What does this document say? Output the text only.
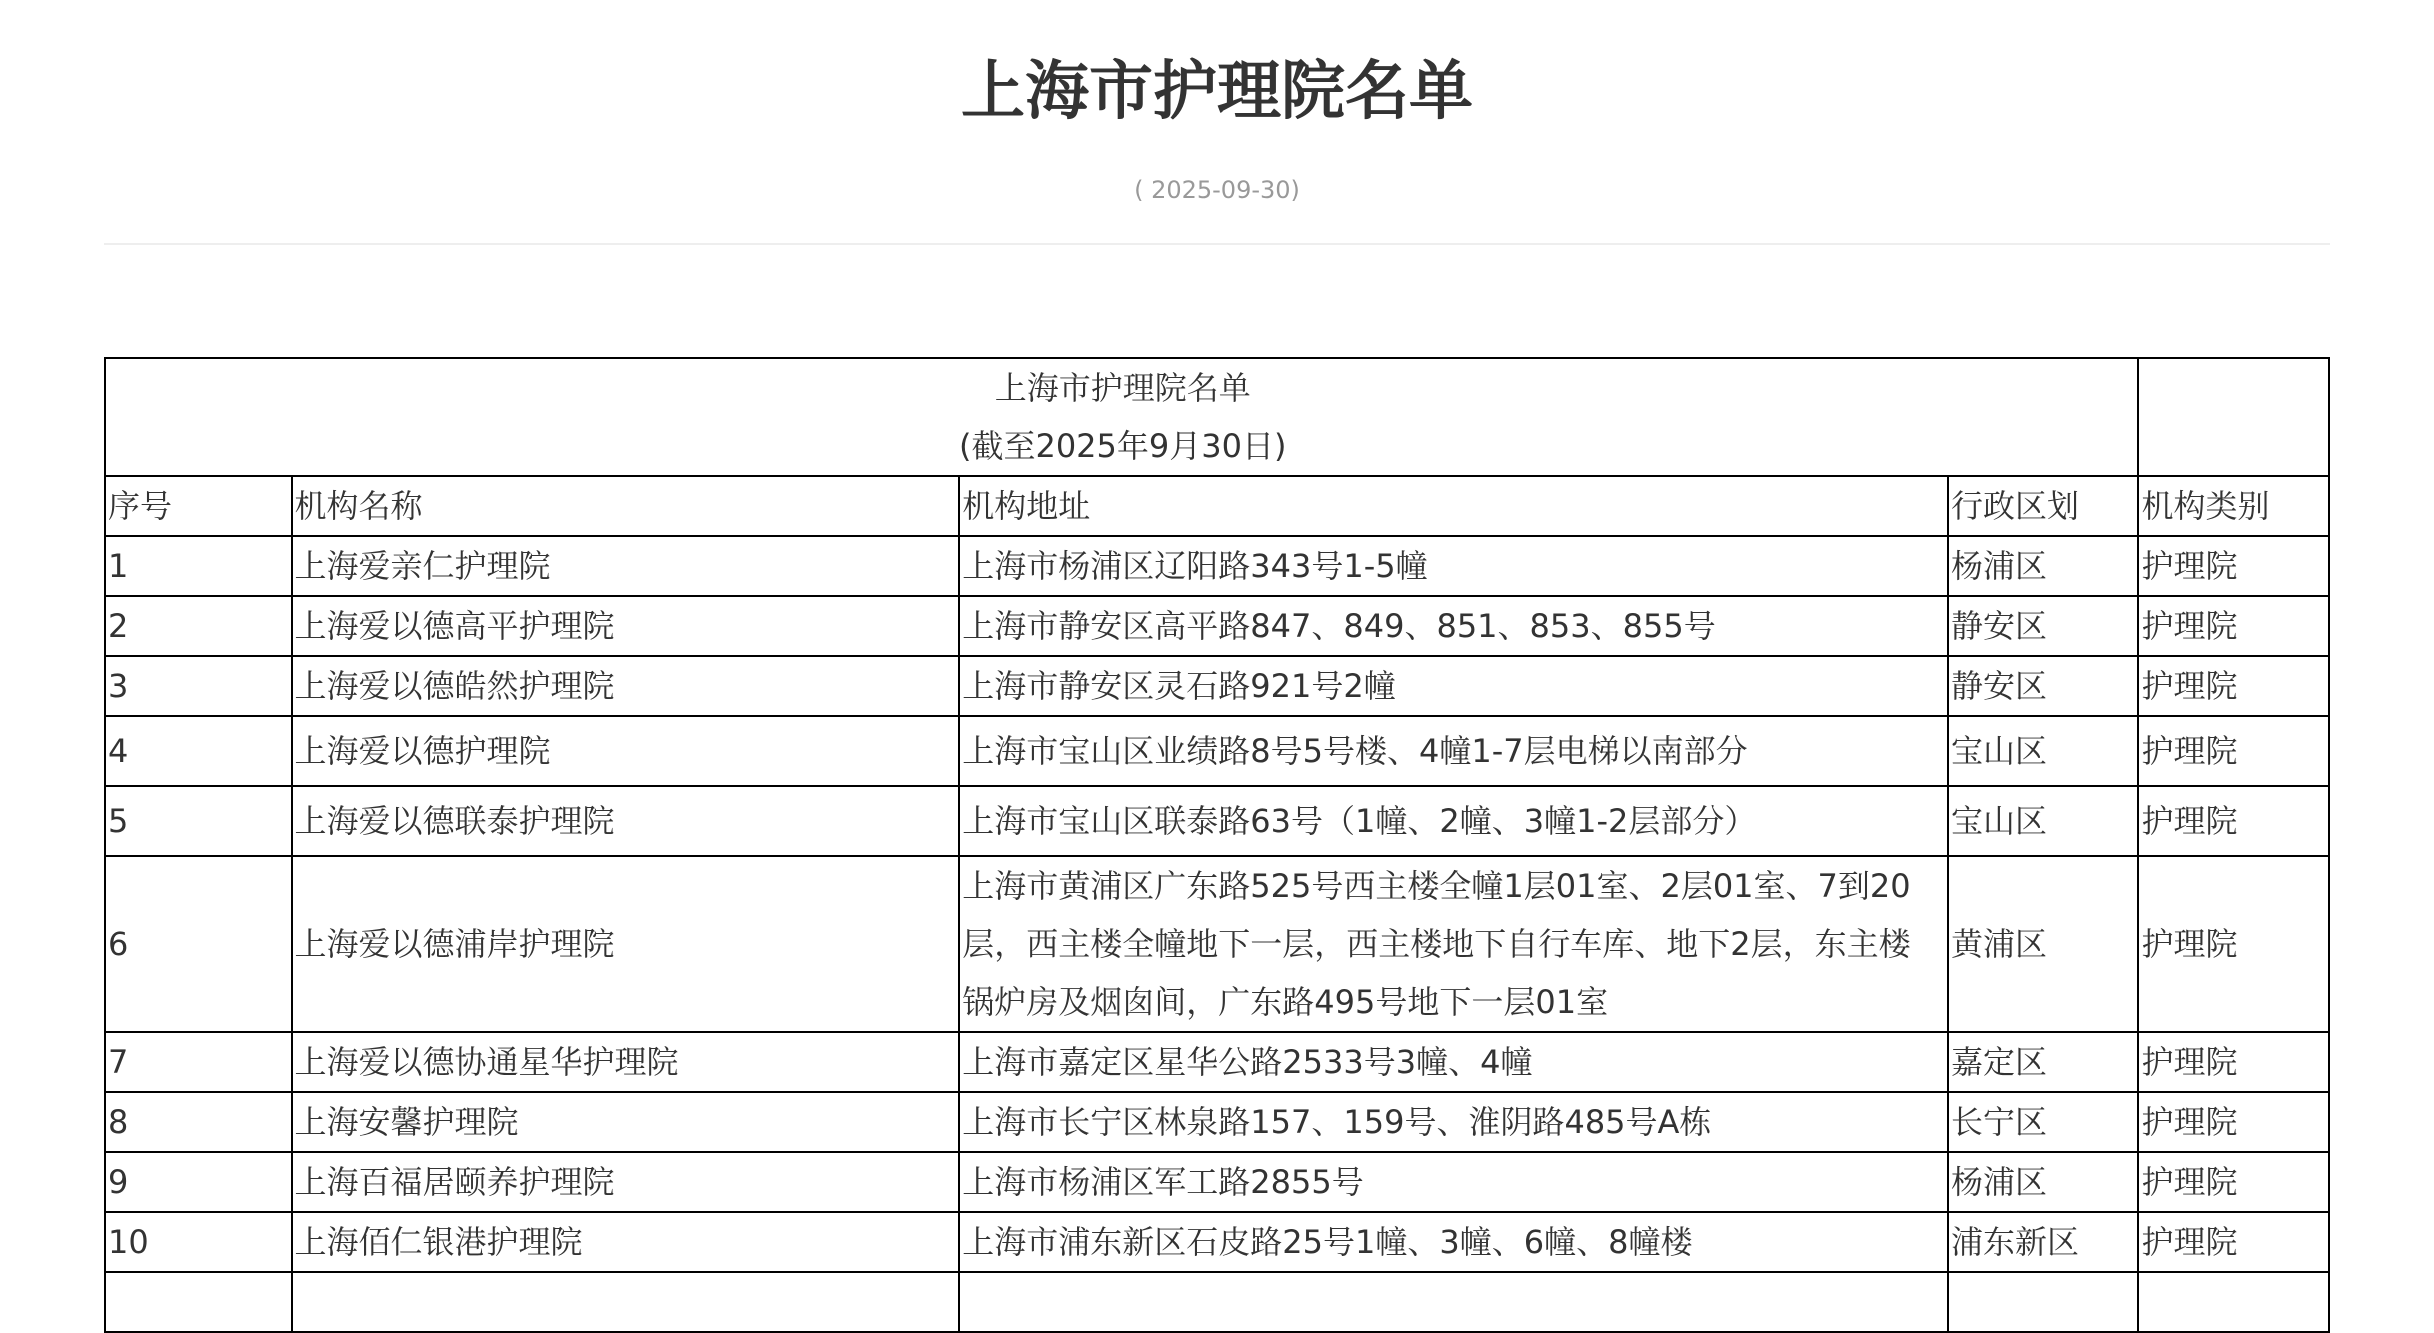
上海市护理院名单
( 2025-09-30)
上海市护理院名单
(截至2025年9月30日)				

序号	机构名称	机构地址	行政区划	机构类别
1	上海爱亲仁护理院	上海市杨浦区辽阳路343号1-5幢	杨浦区	护理院
2	上海爱以德高平护理院	上海市静安区高平路847、849、851、853、855号	静安区	护理院
3	上海爱以德皓然护理院	上海市静安区灵石路921号2幢	静安区	护理院
4	上海爱以德护理院	上海市宝山区业绩路8号5号楼、4幢1-7层电梯以南部分	宝山区	护理院
5	上海爱以德联泰护理院	上海市宝山区联泰路63号（1幢、2幢、3幢1-2层部分）	宝山区	护理院
6	上海爱以德浦岸护理院	上海市黄浦区广东路525号西主楼全幢1层01室、2层01室、7到20层，西主楼全幢地下一层，西主楼地下自行车库、地下2层，东主楼锅炉房及烟囱间，广东路495号地下一层01室	黄浦区	护理院
7	上海爱以德协通星华护理院	上海市嘉定区星华公路2533号3幢、4幢	嘉定区	护理院
8	上海安馨护理院	上海市长宁区林泉路157、159号、淮阴路485号A栋	长宁区	护理院
9	上海百福居颐养护理院	上海市杨浦区军工路2855号	杨浦区	护理院
10	上海佰仁银港护理院	上海市浦东新区石皮路25号1幢、3幢、6幢、8幢楼	浦东新区	护理院
